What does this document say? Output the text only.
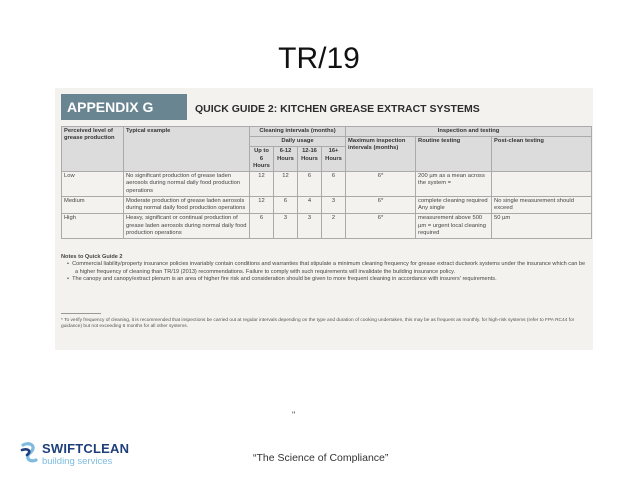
TR/19
APPENDIX G	QUICK GUIDE 2: KITCHEN GREASE EXTRACT SYSTEMS
Perceived level of grease production	Typical example	Cleaning intervals (months)				Inspection and testing		
		Daily usage				Maximum inspection intervals (months)	Routine testing	Post-clean testing
		Up to 6 Hours	6-12 Hours	12-16 Hours	16+ Hours			
Low	No significant production of grease laden aerosols during normal daily food production operations	12	12	6	6	6*	200 µm as a mean across the system =	
Medium	Moderate production of grease laden aerosols during normal daily food production operations	12	6	4	3	6*	complete cleaning required Any single	No single measurement should exceed
High	Heavy, significant or continual production of grease laden aerosols during normal daily food production operations	6	3	3	2	6*	measurement above 500 µm = urgent local cleaning required	50 µm
Notes to Quick Guide 2
• Commercial liability/property insurance policies invariably contain conditions and warranties that stipulate a minimum cleaning frequency for grease extract ductwork systems under the insurance which can be a higher frequency of cleaning than TR/19 (2013) recommendations. Failure to comply with such requirements will invalidate the building insurance policy.
• The canopy and canopy/extract plenum is an area of higher fire risk and consideration should be given to more frequent cleaning in accordance with insurers' requirements.
* To verify frequency of cleaning, it is recommended that inspections be carried out at regular intervals depending on the type and duration of cooking undertaken, this may be as frequent as monthly. for high-risk systems (refer to FPA RC44 for guidance) but not exceeding 6 months for all other systems.
"
SWIFTCLEAN
building services	“The Science of Compliance”
